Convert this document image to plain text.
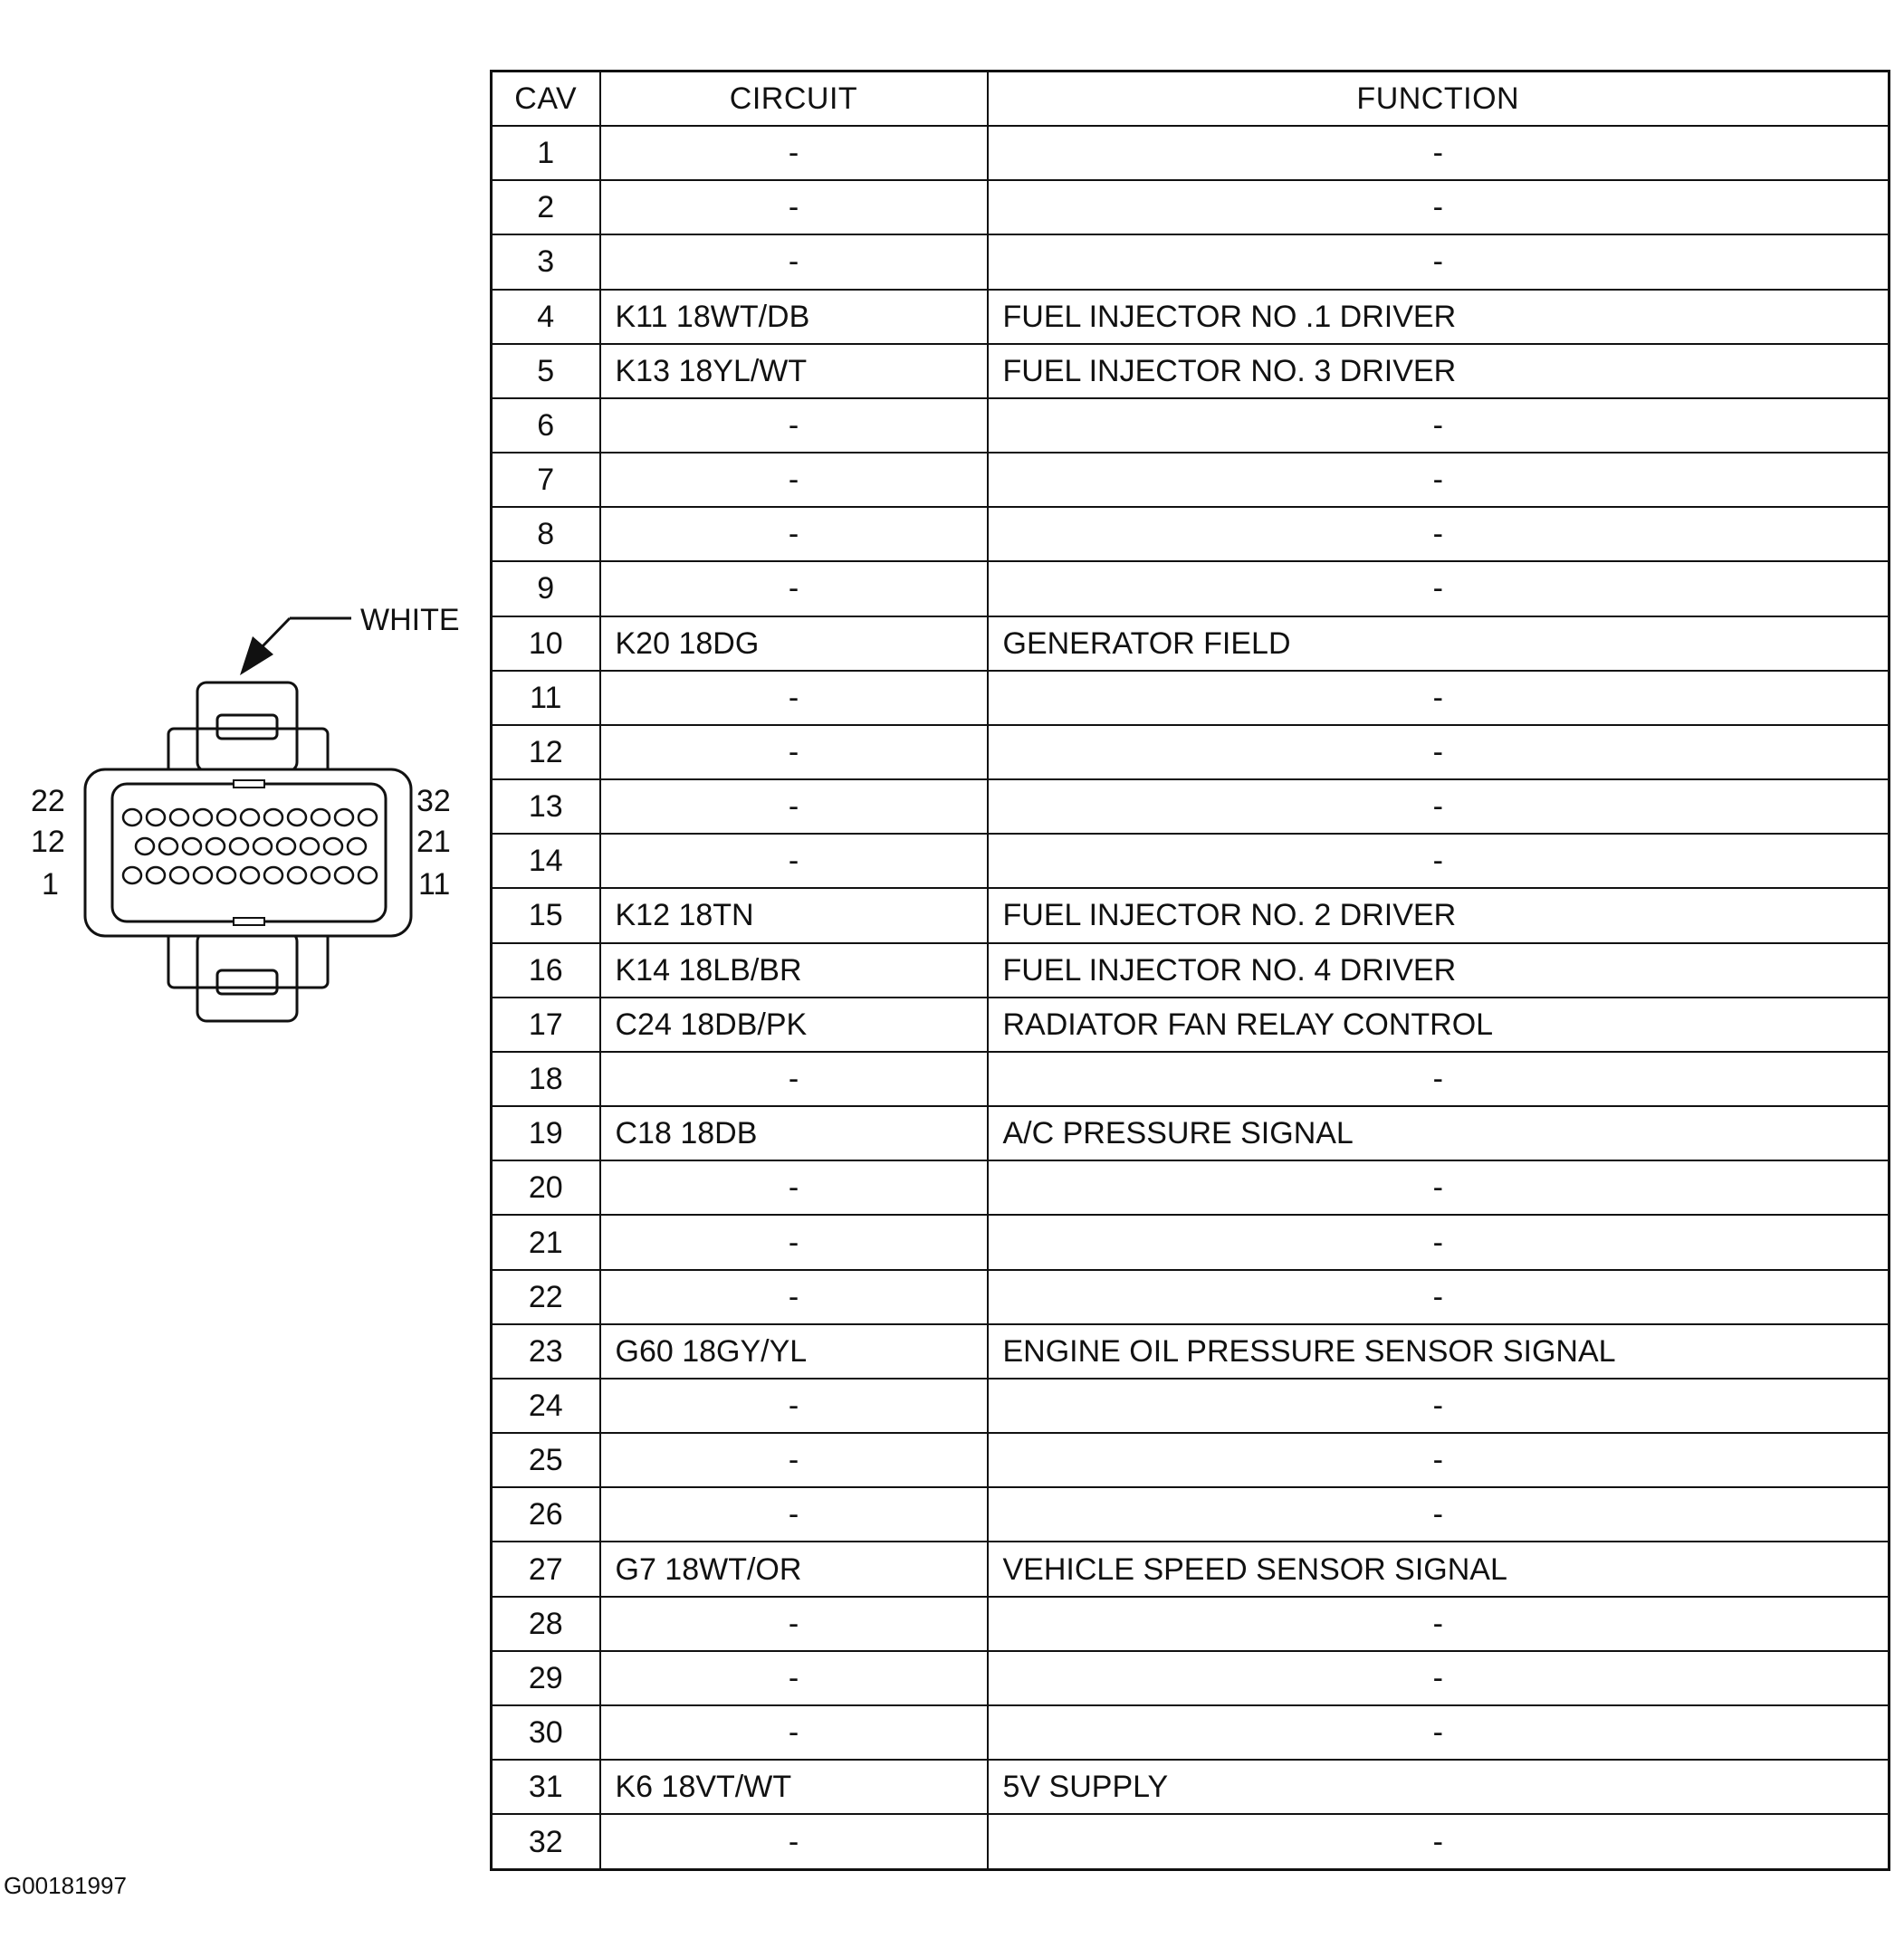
WHITE
22
12
1
32
21
11
CAV	CIRCUIT	FUNCTION
1	-	-
2	-	-
3	-	-
4	K11 18WT/DB	FUEL INJECTOR NO .1 DRIVER
5	K13 18YL/WT	FUEL INJECTOR NO. 3 DRIVER
6	-	-
7	-	-
8	-	-
9	-	-
10	K20 18DG	GENERATOR FIELD
11	-	-
12	-	-
13	-	-
14	-	-
15	K12 18TN	FUEL INJECTOR NO. 2 DRIVER
16	K14 18LB/BR	FUEL INJECTOR NO. 4 DRIVER
17	C24 18DB/PK	RADIATOR FAN RELAY CONTROL
18	-	-
19	C18 18DB	A/C PRESSURE SIGNAL
20	-	-
21	-	-
22	-	-
23	G60 18GY/YL	ENGINE OIL PRESSURE SENSOR SIGNAL
24	-	-
25	-	-
26	-	-
27	G7 18WT/OR	VEHICLE SPEED SENSOR SIGNAL
28	-	-
29	-	-
30	-	-
31	K6 18VT/WT	5V SUPPLY
32	-	-
G00181997
